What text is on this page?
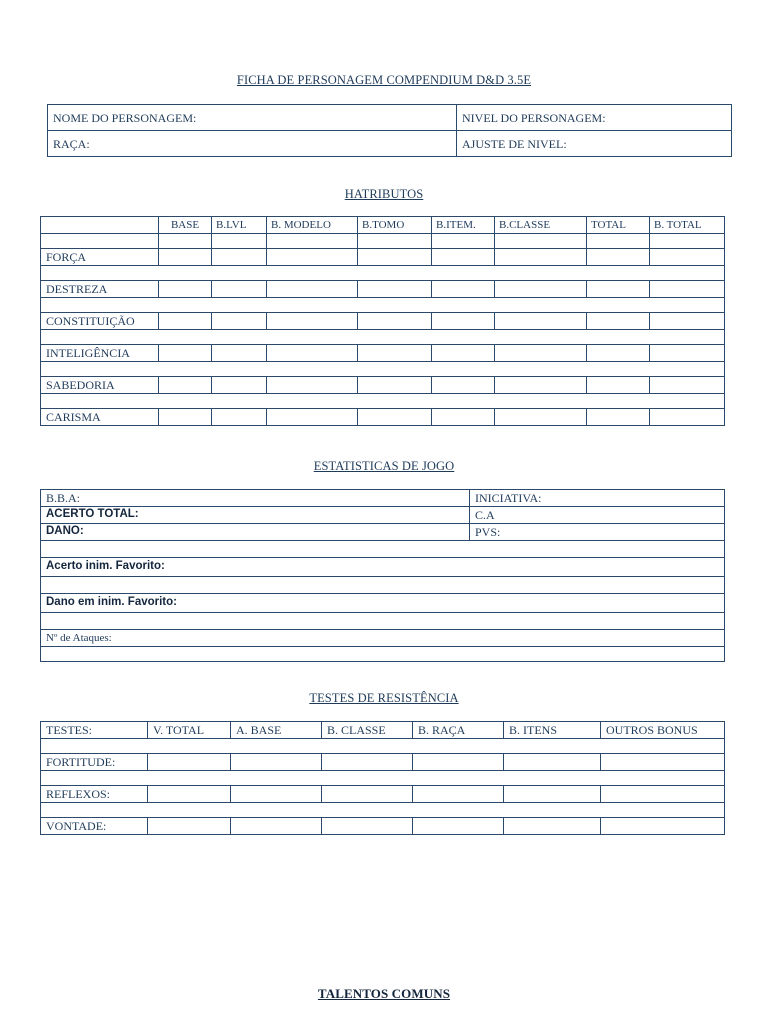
FICHA DE PERSONAGEM COMPENDIUM D&D 3.5E
NOME DO PERSONAGEM:	NIVEL DO PERSONAGEM:
RAÇA:	AJUSTE DE NIVEL:
HATRIBUTOS
	BASE	B.LVL	B. MODELO	B.TOMO	B.ITEM.	B.CLASSE	TOTAL	B. TOTAL

FORÇA								

DESTREZA								

CONSTITUIÇÃO								

INTELIGÊNCIA								

SABEDORIA								

CARISMA								
ESTATISTICAS DE JOGO
B.B.A:	INICIATIVA:
ACERTO TOTAL:	C.A
DANO:	PVS:

Acerto inim. Favorito:	

Dano em inim. Favorito:	

Nº de Ataques:	

TESTES DE RESISTÊNCIA
TESTES:	V. TOTAL	A. BASE	B. CLASSE	B. RAÇA	B. ITENS	OUTROS BONUS

FORTITUDE:						

REFLEXOS:						

VONTADE:						
TALENTOS COMUNS
